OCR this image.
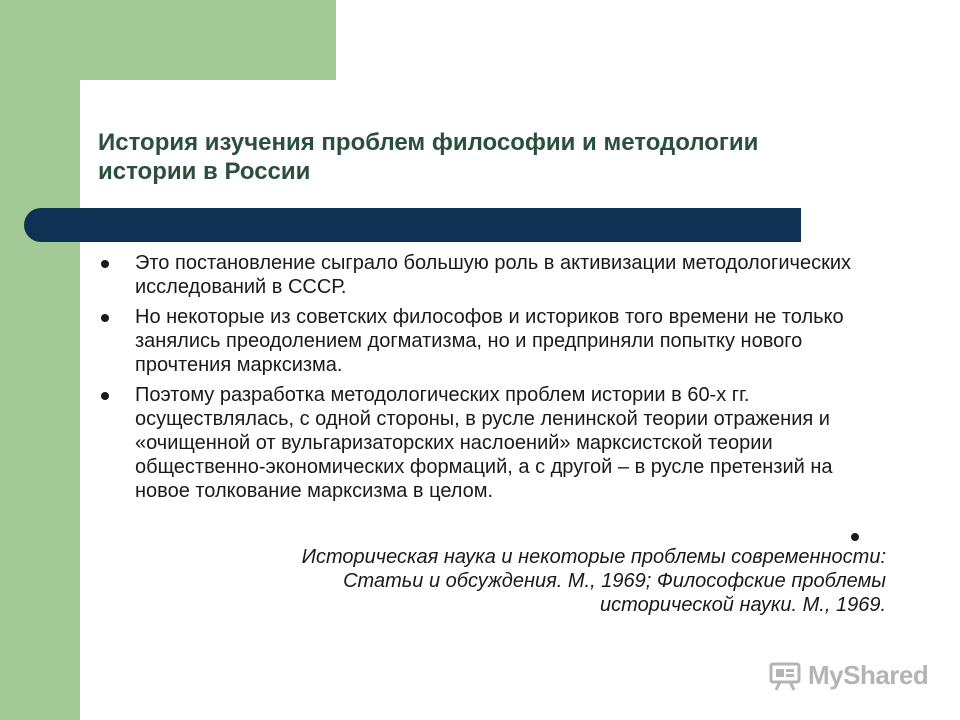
История изучения проблем философии и методологии
истории в России
Это постановление сыграло большую роль в активизации методологических исследований в СССР.
Но некоторые из советских философов и историков того времени не только занялись преодолением догматизма, но и предприняли попытку нового прочтения марксизма.
Поэтому разработка методологических проблем истории в 60-х гг. осуществлялась, с одной стороны, в русле ленинской теории отражения и «очищенной от вульгаризаторских наслоений» марксистской теории общественно-экономических формаций, а с другой – в русле претензий на новое толкование марксизма в целом.
Историческая наука и некоторые проблемы современности:
Статьи и обсуждения. М., 1969; Философские проблемы
исторической науки. М., 1969.
MyShared
